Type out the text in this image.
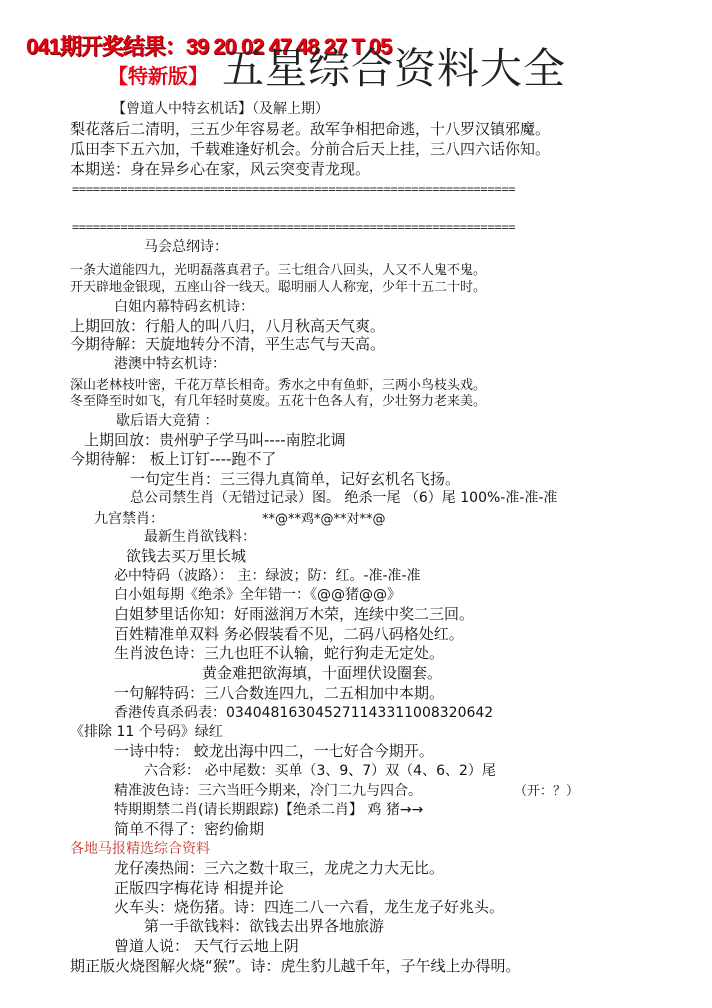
041期开奖结果：39 20 02 47 48 27 T 05
【特新版】 五星综合资料大全
【曾道人中特玄机话】（及解上期）
梨花落后二清明，三五少年容易老。敌军争相把命逃，十八罗汉镇邪魔。
瓜田李下五六加，千载难逢好机会。分前合后天上挂，三八四六话你知。
本期送：身在异乡心在家，风云突变青龙现。
================================================================
================================================================
马会总纲诗：
一条大道能四九，光明磊落真君子。三七组合八回头，人又不人鬼不鬼。
开天辟地金银现，五座山谷一线天。聪明丽人人称宠，少年十五二十时。
白姐内幕特码玄机诗：
上期回放：行船人的叫八归，八月秋高天气爽。
今期待解：天旋地转分不清，平生志气与天高。
港澳中特玄机诗：
深山老林枝叶密，千花万草长相奇。秀水之中有鱼虾，三两小鸟枝头戏。
冬至降至时如飞，有几年轻时莫废。五花十色各人有，少壮努力老来美。
歇后语大竞猜 ：
上期回放：贵州驴子学马叫----南腔北调
今期待解： 板上订钉----跑不了
一句定生肖：三三得九真简单，记好玄机名飞扬。
总公司禁生肖（无错过记录）图。 绝杀一尾 （6）尾 100%-准-准-准
九宫禁肖：	**@**鸡*@**对**@
最新生肖欲钱料：
欲钱去买万里长城
必中特码（波路）： 主：绿波；防：红。-准-准-准
白小姐每期《绝杀》全年错一：《@@猪@@》
白姐梦里话你知：好雨滋润万木荣，连续中奖二三回。
百姓精准单双料 务必假装看不见，二码八码格处红。
生肖波色诗：三九也旺不认输，蛇行狗走无定处。
黄金难把欲海填，十面埋伏设圈套。
一句解特码：三八合数连四九，二五相加中本期。
香港传真杀码表：03404816304527114331100832064​2
《排除 11 个号码》绿红
一诗中特： 蛟龙出海中四二，一七好合今期开。
六合彩： 必中尾数：买单（3、9、7）双（4、6、2）尾
精准波色诗：三六当旺今期来，冷门二九与四合。	（开：？）
特期期禁二肖(请长期跟踪)【绝杀二肖】 鸡 猪→→
简单不得了：密约偷期
各地马报精选综合资料
龙仔凑热闹：三六之数十取三，龙虎之力大无比。
正版四字梅花诗 相提并论
火车头：烧伤猪。诗：四连二八一六看，龙生龙子好兆头。
第一手欲钱料：欲钱去出界各地旅游
曾道人说： 天气行云地上阴
期正版火烧图解火烧“猴”。诗：虎生豹儿越千年，子午线上办得明。
